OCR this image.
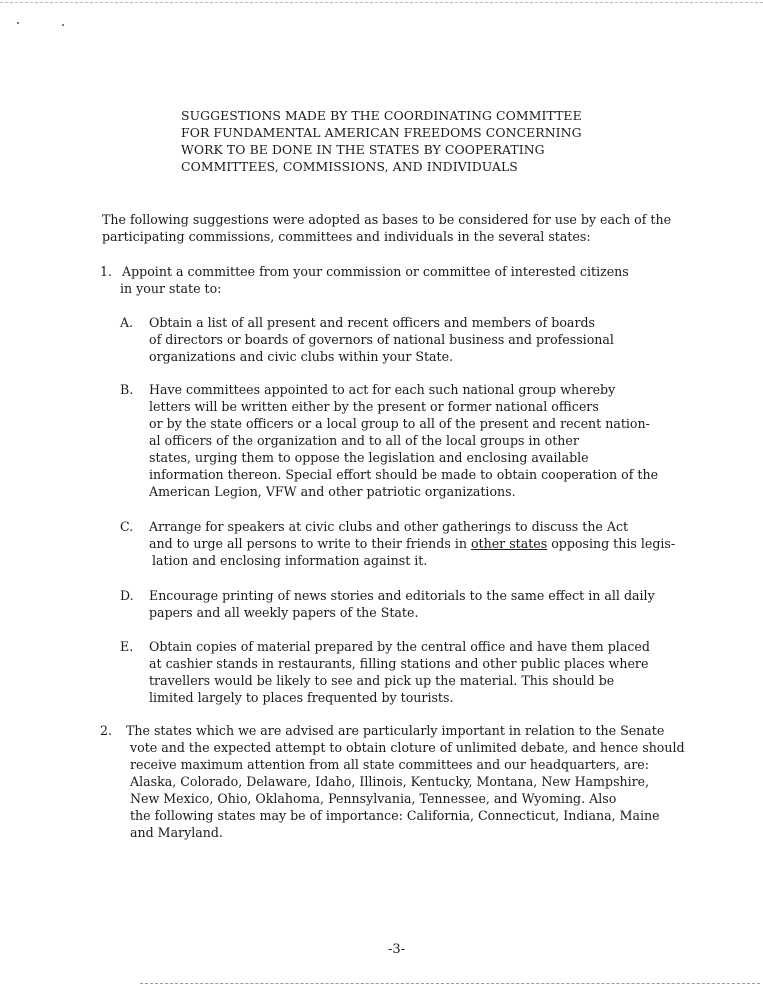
SUGGESTIONS MADE BY THE COORDINATING COMMITTEE
FOR FUNDAMENTAL AMERICAN FREEDOMS CONCERNING
WORK TO BE DONE IN THE STATES BY COOPERATING
COMMITTEES, COMMISSIONS, AND INDIVIDUALS
The following suggestions were adopted as bases to be considered for use by each of the
participating commissions, committees and individuals in the several states:
1. Appoint a committee from your commission or committee of interested citizens
in your state to:
A. Obtain a list of all present and recent officers and members of boards
of directors or boards of governors of national business and professional
organizations and civic clubs within your State.
B. Have committees appointed to act for each such national group whereby
letters will be written either by the present or former national officers
or by the state officers or a local group to all of the present and recent nation-
al officers of the organization and to all of the local groups in other
states, urging them to oppose the legislation and enclosing available
information thereon. Special effort should be made to obtain cooperation of the
American Legion, VFW and other patriotic organizations.
C. Arrange for speakers at civic clubs and other gatherings to discuss the Act
and to urge all persons to write to their friends in other states opposing this legis-
lation and enclosing information against it.
D. Encourage printing of news stories and editorials to the same effect in all daily
papers and all weekly papers of the State.
E. Obtain copies of material prepared by the central office and have them placed
at cashier stands in restaurants, filling stations and other public places where
travellers would be likely to see and pick up the material. This should be
limited largely to places frequented by tourists.
2. The states which we are advised are particularly important in relation to the Senate
vote and the expected attempt to obtain cloture of unlimited debate, and hence should
receive maximum attention from all state committees and our headquarters, are:
Alaska, Colorado, Delaware, Idaho, Illinois, Kentucky, Montana, New Hampshire,
New Mexico, Ohio, Oklahoma, Pennsylvania, Tennessee, and Wyoming. Also
the following states may be of importance: California, Connecticut, Indiana, Maine
and Maryland.
-3-
